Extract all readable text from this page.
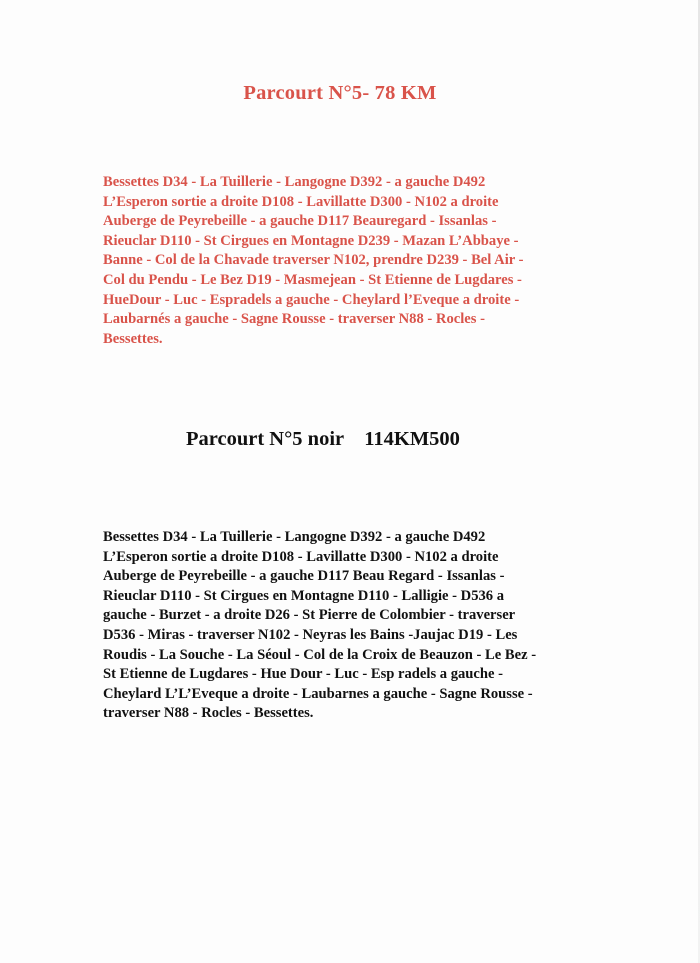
Parcourt N°5- 78 KM
Bessettes D34 - La Tuillerie - Langogne D392 - a gauche D492
L’Esperon sortie a droite D108 - Lavillatte D300 - N102 a droite
Auberge de Peyrebeille - a gauche D117 Beauregard - Issanlas -
Rieuclar D110 - St Cirgues en Montagne D239 - Mazan L’Abbaye -
Banne - Col de la Chavade traverser N102, prendre D239 - Bel Air -
Col du Pendu - Le Bez D19 - Masmejean - St Etienne de Lugdares -
HueDour - Luc - Espradels a gauche - Cheylard l’Eveque a droite -
Laubarnés a gauche - Sagne Rousse - traverser N88 - Rocles -
Bessettes.
Parcourt N°5 noir    114KM500
Bessettes D34 - La Tuillerie - Langogne D392 - a gauche D492
L’Esperon sortie a droite D108 - Lavillatte D300 - N102 a droite
Auberge de Peyrebeille - a gauche D117 Beau Regard - Issanlas -
Rieuclar D110 - St Cirgues en Montagne D110 - Lalligie - D536 a
gauche - Burzet - a droite D26 - St Pierre de Colombier - traverser
D536 - Miras - traverser N102 - Neyras les Bains -Jaujac D19 - Les
Roudis - La Souche - La Séoul - Col de la Croix de Beauzon - Le Bez -
St Etienne de Lugdares - Hue Dour - Luc - Esp radels a gauche -
Cheylard L’L’Eveque a droite - Laubarnes a gauche - Sagne Rousse -
traverser N88 - Rocles - Bessettes.
